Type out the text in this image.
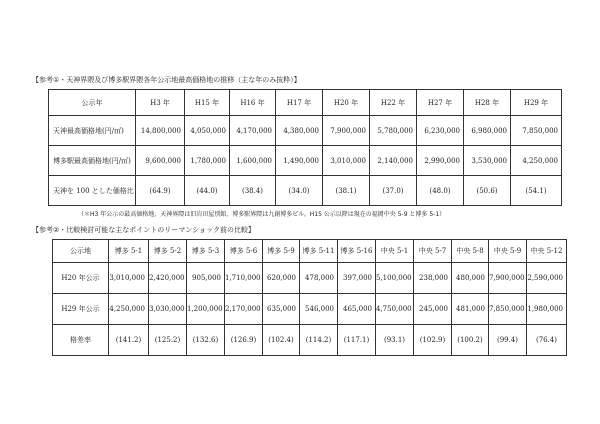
【参考①・天神界隈及び博多駅界隈各年公示地最高価格地の推移（主な年のみ抜粋）】
公示年	H3 年	H15 年	H16 年	H17 年	H20 年	H22 年	H27 年	H28 年	H29 年
天神最高価格地(円/㎡)	14,800,000	4,050,000	4,170,000	4,380,000	7,900,000	5,780,000	6,230,000	6,980,000	7,850,000
博多駅最高価格地(円/㎡)	9,600,000	1,780,000	1,600,000	1,490,000	3,010,000	2,140,000	2,990,000	3,530,000	4,250,000
天神を 100 とした価格比	(64.9)	(44.0)	(38.4)	(34.0)	(38.1)	(37.0)	(48.0)	(50.6)	(54.1)
（＊H3 年公示の最高価格地、天神界隈は旧岩田屋別館、博多駅界隈は九創博多ビル。H15 公示以降は現在の福岡中央 5-9 と博多 5-1）
【参考②・比較検討可能な主なポイントのリーマンショック前の比較】
公示地	博多 5-1	博多 5-2	博多 5-3	博多 5-6	博多 5-9	博多 5-11	博多 5-16	中央 5-1	中央 5-7	中央 5-8	中央 5-9	中央 5-12
H20 年公示	3,010,000	2,420,000	905,000	1,710,000	620,000	478,000	397,000	5,100,000	238,000	480,000	7,900,000	2,590,000
H29 年公示	4,250,000	3,030,000	1,200,000	2,170,000	635,000	546,000	465,000	4,750,000	245,000	481,000	7,850,000	1,980,000
格差率	(141.2)	(125.2)	(132.6)	(126.9)	(102.4)	(114.2)	(117.1)	(93.1)	(102.9)	(100.2)	(99.4)	(76.4)
